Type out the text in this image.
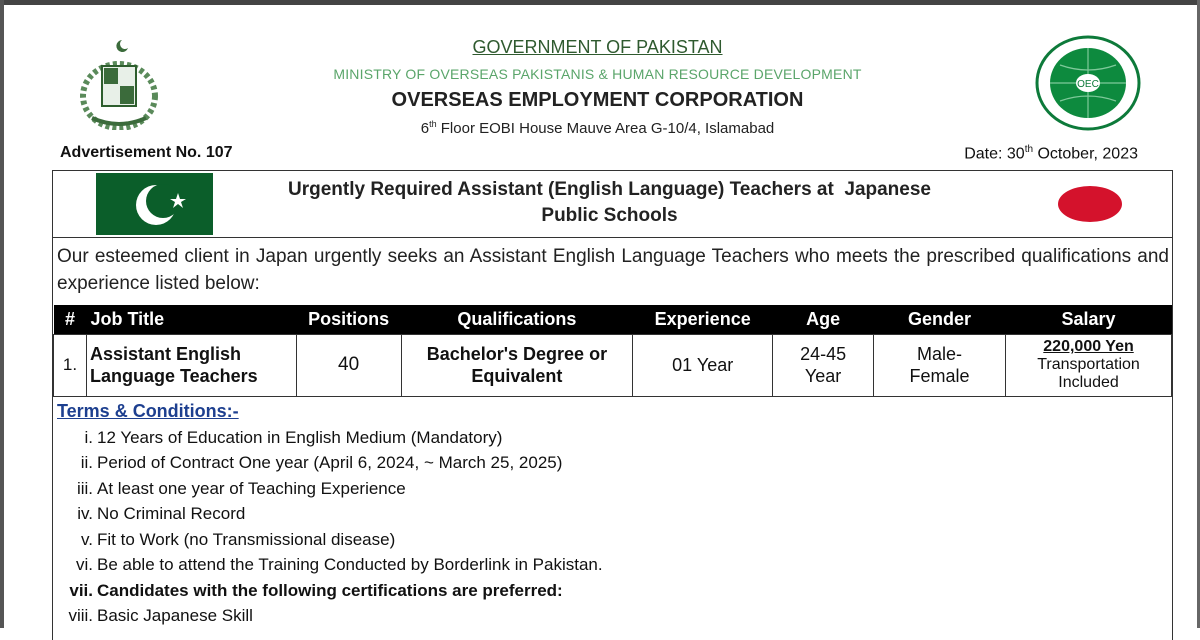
GOVERNMENT OF PAKISTAN
MINISTRY OF OVERSEAS PAKISTANIS & HUMAN RESOURCE DEVELOPMENT
OVERSEAS EMPLOYMENT CORPORATION
6th Floor EOBI House Mauve Area G-10/4, Islamabad
OEC
Advertisement No. 107	Date: 30th October, 2023
Urgently Required Assistant (English Language) Teachers at  Japanese
Public Schools
Our esteemed client in Japan urgently seeks an Assistant English Language Teachers who meets the prescribed qualifications and experience listed below:
#	Job Title	Positions	Qualifications	Experience	Age	Gender	Salary
1.	Assistant English Language Teachers	40	Bachelor's Degree or Equivalent	01 Year	24-45 Year	Male-Female	220,000 Yen
Transportation Included
Terms & Conditions:-
i. 12 Years of Education in English Medium (Mandatory)
ii. Period of Contract One year (April 6, 2024, ~ March 25, 2025)
iii. At least one year of Teaching Experience
iv. No Criminal Record
v. Fit to Work (no Transmissional disease)
vi. Be able to attend the Training Conducted by Borderlink in Pakistan.
vii. Candidates with the following certifications are preferred:
viii. Basic Japanese Skill
